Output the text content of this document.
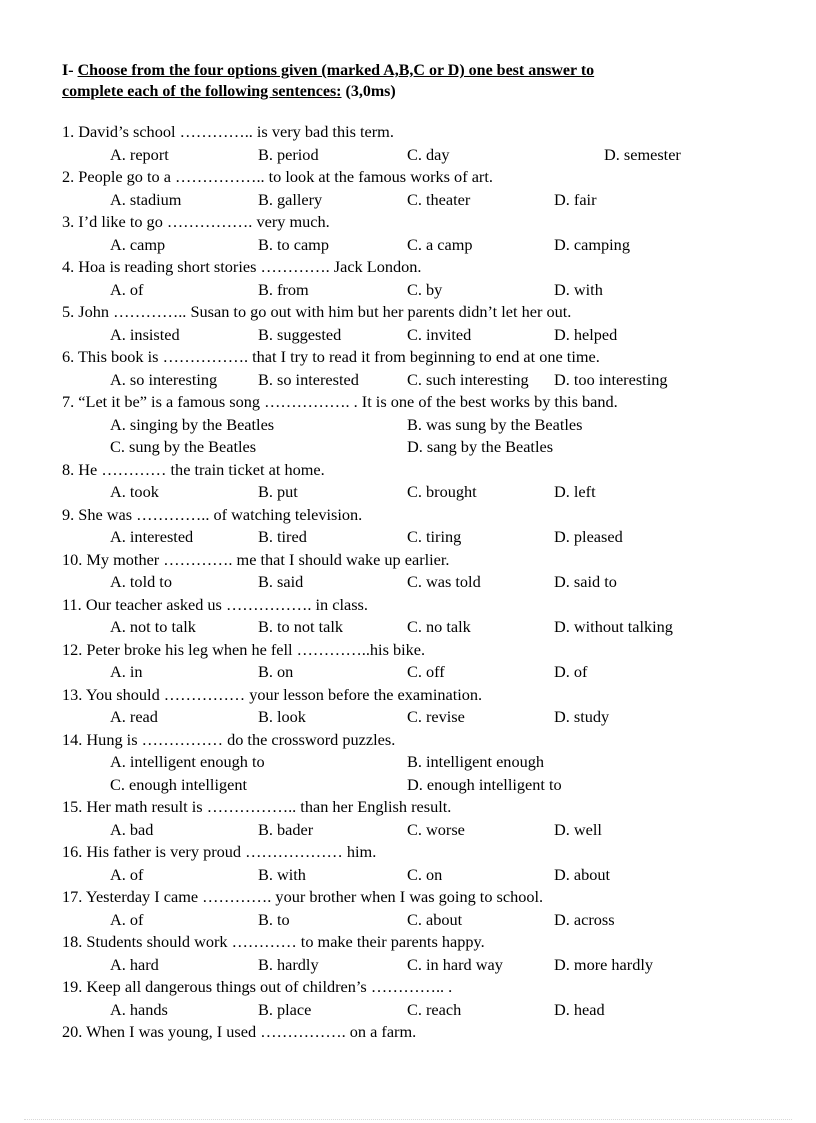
I- Choose from the four options given (marked A,B,C or D) one best answer to
complete each of the following sentences: (3,0ms)
1. David’s school ………….. is very bad this term.
A. report	B. period	C. day	D. semester
2. People go to a …………….. to look at the famous works of art.
A. stadium	B. gallery	C. theater	D. fair
3. I’d like to go ……………. very much.
A. camp	B. to camp	C. a camp	D. camping
4. Hoa is reading short stories …………. Jack London.
A. of	B. from	C. by	D. with
5. John ………….. Susan to go out with him but her parents didn’t let her out.
A. insisted	B. suggested	C. invited	D. helped
6. This book is ……………. that I try to read it from beginning to end at one time.
A. so interesting	B. so interested	C. such interesting D. too interesting
7. “Let it be” is a famous song ……………. . It is one of the best works by this band.
A. singing by the Beatles	B. was sung by the Beatles
C. sung by the Beatles	D. sang by the Beatles
8. He ………… the train ticket at home.
A. took	B. put	C. brought	D. left
9. She was ………….. of watching television.
A. interested	B. tired	C. tiring	D. pleased
10. My mother …………. me that I should wake up earlier.
A. told to	B. said	C. was told	D. said to
11. Our teacher asked us ……………. in class.
A. not to talk	B. to not talk	C. no talk	D. without talking
12. Peter broke his leg when he fell …………..his bike.
A. in	B. on	C. off	D. of
13. You should …………… your lesson before the examination.
A. read	B. look	C. revise	D. study
14. Hung is …………… do the crossword puzzles.
A. intelligent enough to	B. intelligent enough
C. enough intelligent	D. enough intelligent to
15. Her math result is …………….. than her English result.
A. bad	B. bader	C. worse	D. well
16. His father is very proud ……………… him.
A. of	B. with	C. on	D. about
17. Yesterday I came …………. your brother when I was going to school.
A. of	B. to	C. about	D. across
18. Students should work ………… to make their parents happy.
A. hard	B. hardly	C. in hard way	D. more hardly
19. Keep all dangerous things out of children’s ………….. .
A. hands	B. place	C. reach	D. head
20. When I was young, I used ……………. on a farm.
